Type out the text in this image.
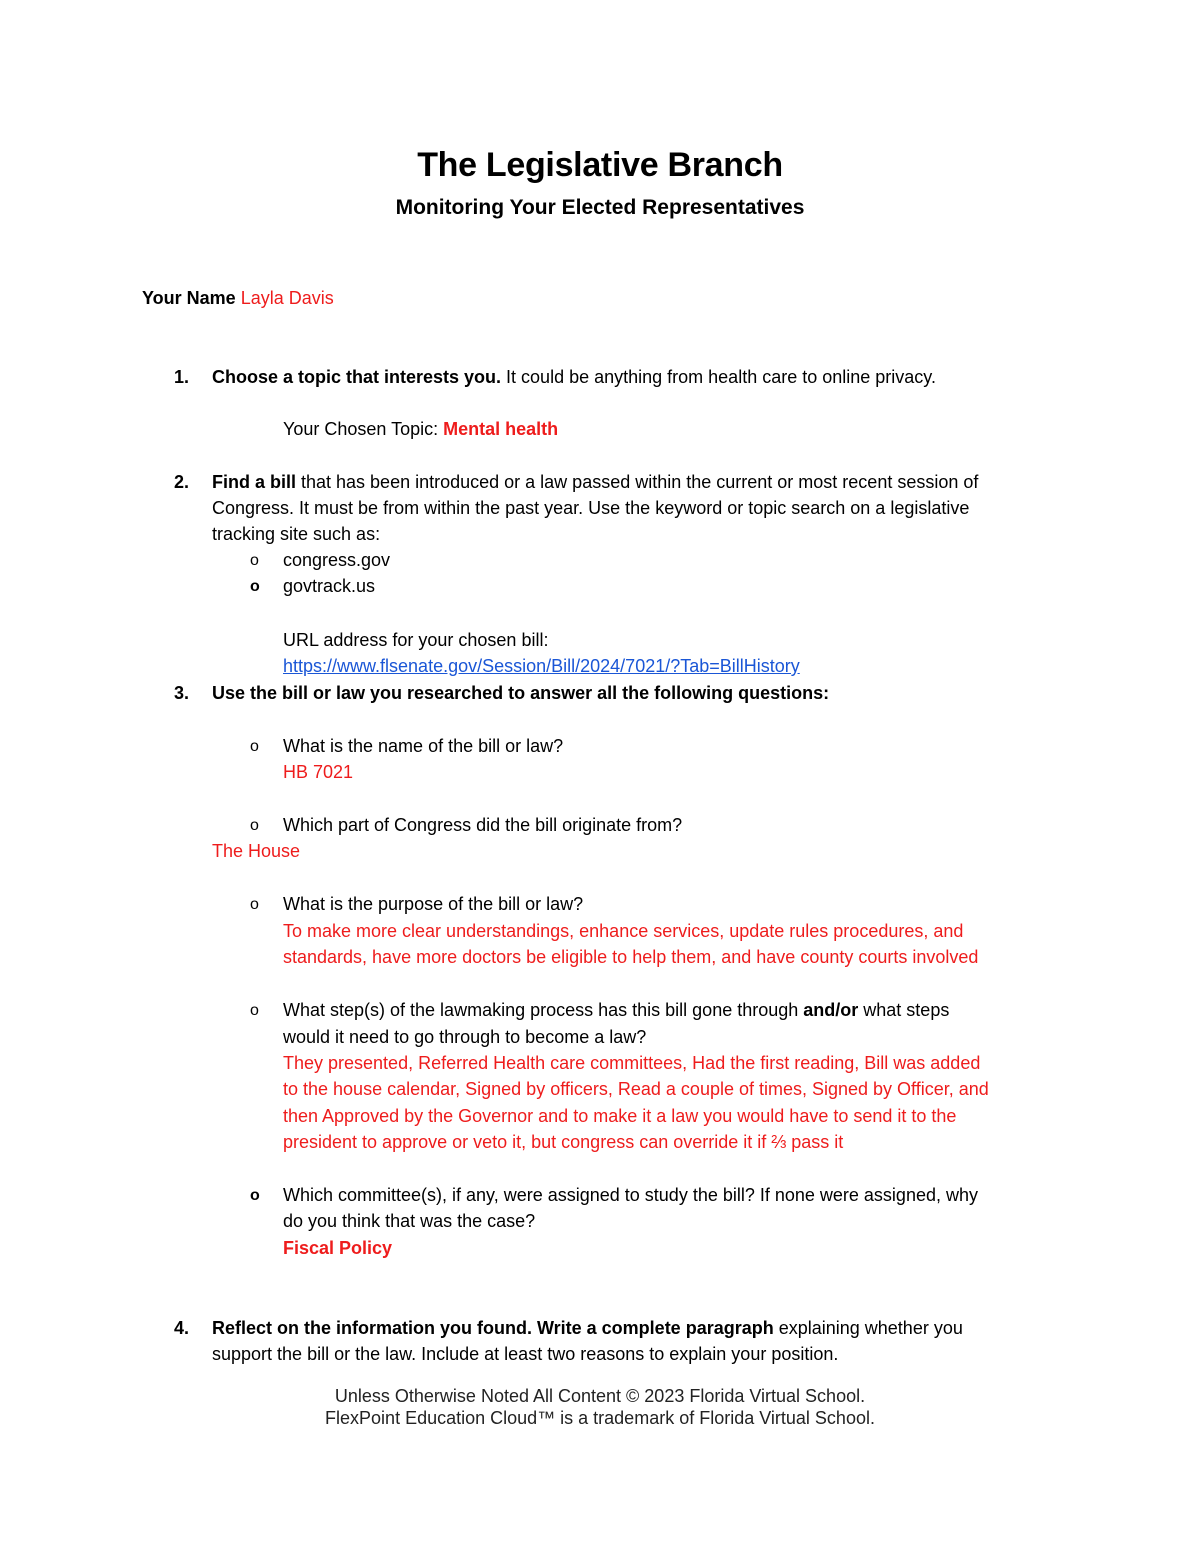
The Legislative Branch
Monitoring Your Elected Representatives
Your Name Layla Davis
1. Choose a topic that interests you. It could be anything from health care to online privacy.
Your Chosen Topic: Mental health
2. Find a bill that has been introduced or a law passed within the current or most recent session of
Congress. It must be from within the past year. Use the keyword or topic search on a legislative
tracking site such as:
o congress.gov
o govtrack.us
URL address for your chosen bill:
https://www.flsenate.gov/Session/Bill/2024/7021/?Tab=BillHistory
3. Use the bill or law you researched to answer all the following questions:
o What is the name of the bill or law?
HB 7021
o Which part of Congress did the bill originate from?
The House
o What is the purpose of the bill or law?
To make more clear understandings, enhance services, update rules procedures, and
standards, have more doctors be eligible to help them, and have county courts involved
o What step(s) of the lawmaking process has this bill gone through and/or what steps
would it need to go through to become a law?
They presented, Referred Health care committees, Had the first reading, Bill was added
to the house calendar, Signed by officers, Read a couple of times, Signed by Officer, and
then Approved by the Governor and to make it a law you would have to send it to the
president to approve or veto it, but congress can override it if ⅔ pass it
o Which committee(s), if any, were assigned to study the bill? If none were assigned, why
do you think that was the case?
Fiscal Policy
4. Reflect on the information you found. Write a complete paragraph explaining whether you
support the bill or the law. Include at least two reasons to explain your position.
Unless Otherwise Noted All Content © 2023 Florida Virtual School.
FlexPoint Education Cloud™ is a trademark of Florida Virtual School.
